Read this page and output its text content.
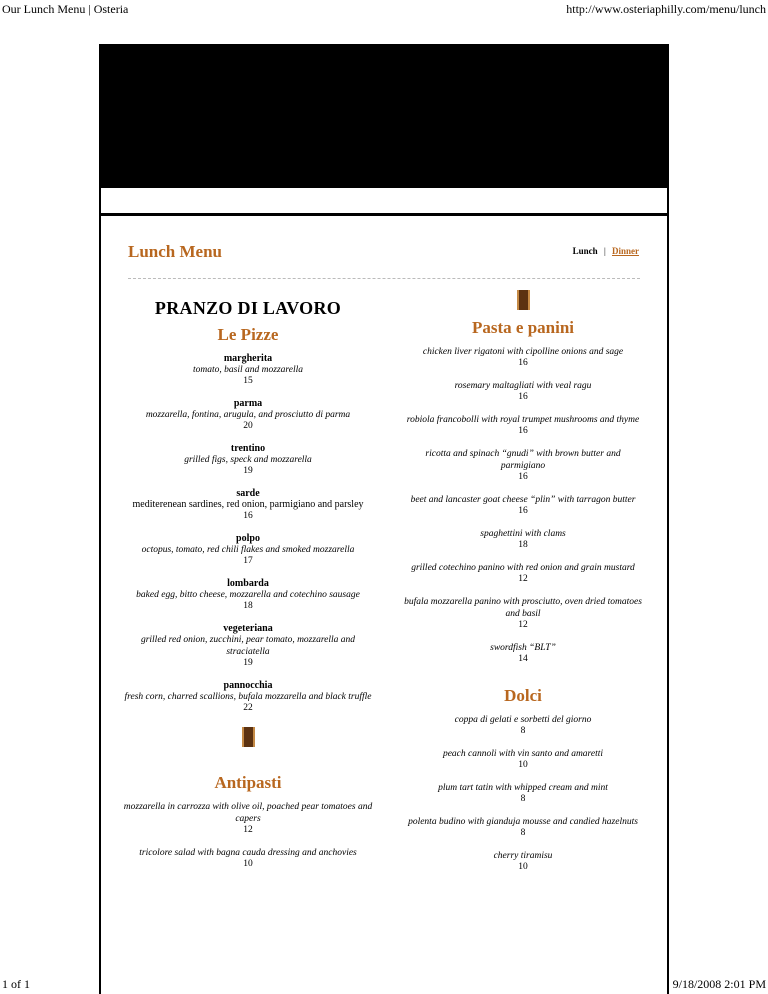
Our Lunch Menu | Osteria	http://www.osteriaphilly.com/menu/lunch
Lunch Menu	Lunch | Dinner
PRANZO DI LAVORO
Le Pizze
margherita
tomato, basil and mozzarella
15
parma
mozzarella, fontina, arugula, and prosciutto di parma
20
trentino
grilled figs, speck and mozzarella
19
sarde
mediterenean sardines, red onion, parmigiano and parsley
16
polpo
octopus, tomato, red chili flakes and smoked mozzarella
17
lombarda
baked egg, bitto cheese, mozzarella and cotechino sausage
18
vegeteriana
grilled red onion, zucchini, pear tomato, mozzarella and straciatella
19
pannocchia
fresh corn, charred scallions, bufala mozzarella and black truffle
22
Antipasti
mozzarella in carrozza with olive oil, poached pear tomatoes and capers
12
tricolore salad with bagna cauda dressing and anchovies
10
Pasta e panini
chicken liver rigatoni with cipolline onions and sage
16
rosemary maltagliati with veal ragu
16
robiola francobolli with royal trumpet mushrooms and thyme
16
ricotta and spinach “gnudi” with brown butter and parmigiano
16
beet and lancaster goat cheese “plin” with tarragon butter
16
spaghettini with clams
18
grilled cotechino panino with red onion and grain mustard
12
bufala mozzarella panino with prosciutto, oven dried tomatoes and basil
12
swordfish “BLT”
14
Dolci
coppa di gelati e sorbetti del giorno
8
peach cannoli with vin santo and amaretti
10
plum tart tatin with whipped cream and mint
8
polenta budino with gianduja mousse and candied hazelnuts
8
cherry tiramisu
10
1 of 1	9/18/2008 2:01 PM
